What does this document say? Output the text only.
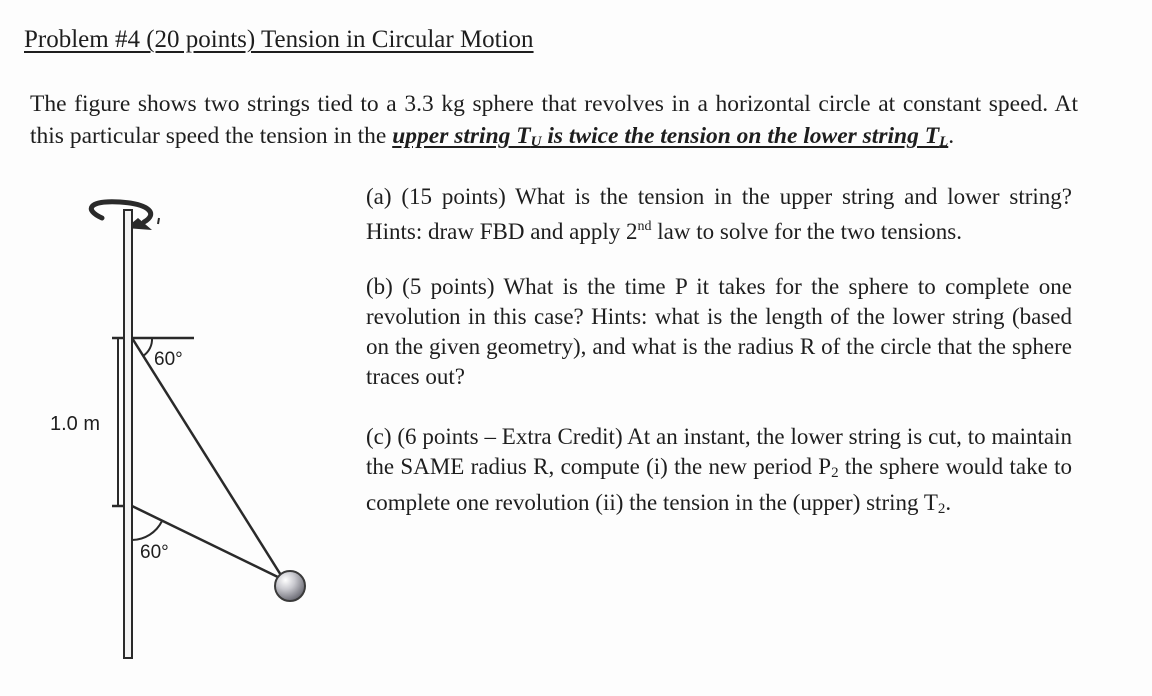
Problem #4 (20 points) Tension in Circular Motion
The figure shows two strings tied to a 3.3 kg sphere that revolves in a horizontal circle at constant speed. At this particular speed the tension in the upper string $T_U$ is twice the tension on the lower string $T_L$.
60°
60°
1.0 m
(a) (15 points) What is the tension in the upper string and lower string? Hints: draw FBD and apply 2nd law to solve for the two tensions.
(b) (5 points) What is the time P it takes for the sphere to complete one revolution in this case? Hints: what is the length of the lower string (based on the given geometry), and what is the radius R of the circle that the sphere traces out?
(c) (6 points – Extra Credit) At an instant, the lower string is cut, to maintain the SAME radius R, compute (i) the new period $P_2$ the sphere would take to complete one revolution (ii) the tension in the (upper) string $T_2$.
